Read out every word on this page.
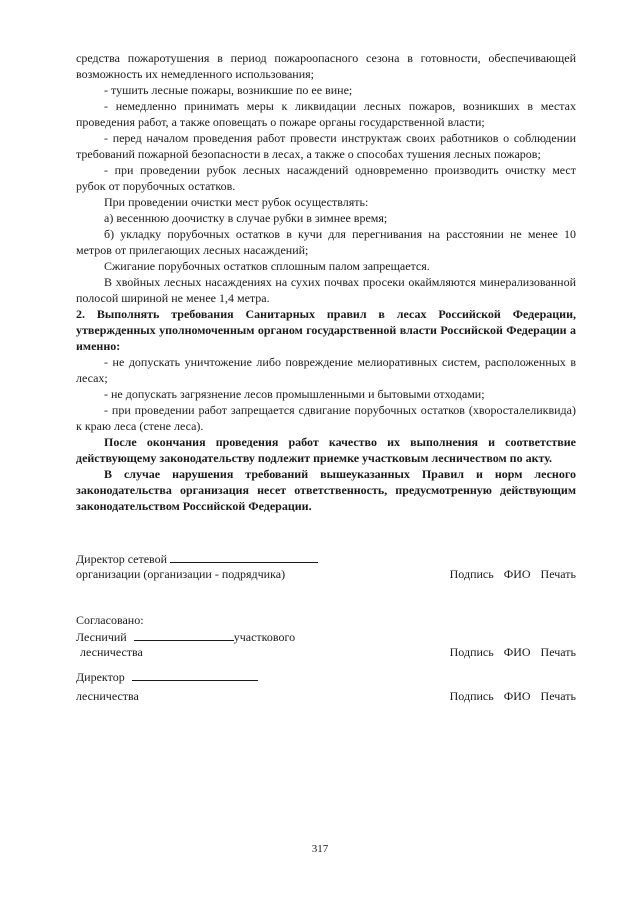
средства пожаротушения в период пожароопасного сезона в готовности, обеспечивающей возможность их немедленного использования;

- тушить лесные пожары, возникшие по ее вине;

- немедленно принимать меры к ликвидации лесных пожаров, возникших в местах проведения работ, а также оповещать о пожаре органы государственной власти;

- перед началом проведения работ провести инструктаж своих работников о соблюдении требований пожарной безопасности в лесах, а также о способах тушения лесных пожаров;

- при проведении рубок лесных насаждений одновременно производить очистку мест рубок от порубочных остатков.

При проведении очистки мест рубок осуществлять:

а) весеннюю доочистку в случае рубки в зимнее время;

б) укладку порубочных остатков в кучи для перегнивания на расстоянии не менее 10 метров от прилегающих лесных насаждений;

Сжигание порубочных остатков сплошным палом запрещается.

В хвойных лесных насаждениях на сухих почвах просеки окаймляются минерализованной полосой шириной не менее 1,4 метра.

2. Выполнять требования Санитарных правил в лесах Российской Федерации, утвержденных уполномоченным органом государственной власти Российской Федерации а именно:

- не допускать уничтожение либо повреждение мелиоративных систем, расположенных в лесах;

- не допускать загрязнение лесов промышленными и бытовыми отходами;

- при проведении работ запрещается сдвигание порубочных остатков (хворосталеликвида) к краю леса (стене леса).

После окончания проведения работ качество их выполнения и соответствие действующему законодательству подлежит приемке участковым лесничеством по акту.

В случае нарушения требований вышеуказанных Правил и норм лесного законодательства организация несет ответственность, предусмотренную действующим законодательством Российской Федерации.

Директор сетевой
организации (организации - подрядчика)	Подпись ФИО Печать
Согласовано:
Лесничий	участкового
лесничества	Подпись ФИО Печать
Директор
лесничества	Подпись ФИО Печать
317
